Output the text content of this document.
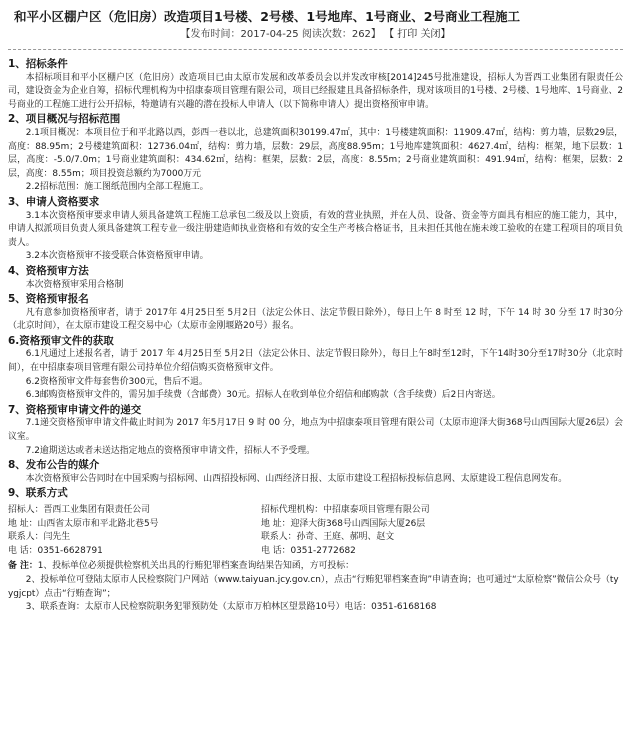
和平小区棚户区（危旧房）改造项目1号楼、2号楼、1号地库、1号商业、2号商业工程施工
【发布时间：2017-04-25 阅读次数：262】 【 打印 关闭】
1、招标条件

本招标项目和平小区棚户区（危旧房）改造项目已由太原市发展和改革委员会以并发改审核[2014]245号批准建设，招标人为晋西工业集团有限责任公司，建设资金为企业自筹，招标代理机构为中招康泰项目管理有限公司，项目已经报建且具备招标条件，现对该项目的1号楼、2号楼、1号地库、1号商业、2号商业的工程施工进行公开招标，特邀请有兴趣的潜在投标人申请人（以下简称申请人）提出资格预审申请。

2、项目概况与招标范围

2.1项目概况：本项目位于和平北路以西，彭西一巷以北，总建筑面积30199.47㎡，其中：1号楼建筑面积：11909.47㎡，结构：剪力墙，层数29层，高度：88.95m；2号楼建筑面积：12736.04㎡，结构：剪力墙，层数：29层，高度88.95m；1号地库建筑面积：4627.4㎡，结构：框架，地下层数：1层，高度：-5.0/7.0m；1号商业建筑面积：434.62㎡，结构：框架，层数：2层，高度：8.55m；2号商业建筑面积：491.94㎡，结构：框架，层数：2层，高度：8.55m；项目投资总额约为7000万元

2.2招标范围：施工图纸范围内全部工程施工。

3、申请人资格要求

3.1本次资格预审要求申请人须具备建筑工程施工总承包二级及以上资质，有效的营业执照，并在人员、设备、资金等方面具有相应的施工能力，其中，申请人拟派项目负责人须具备建筑工程专业一级注册建造师执业资格和有效的安全生产考核合格证书，且未担任其他在施未竣工验收的在建工程项目的项目负责人。

3.2本次资格预审不接受联合体资格预审申请。

4、资格预审方法

本次资格预审采用合格制

5、资格预审报名

凡有意参加资格预审者，请于 2017年 4月25日至 5月2日（法定公休日、法定节假日除外），每日上午 8 时至 12 时，下午 14 时 30 分至 17 时30分（北京时间），在太原市建设工程交易中心（太原市金刚堰路20号）报名。

6.资格预审文件的获取

6.1凡通过上述报名者，请于 2017 年 4月25日至 5月2日（法定公休日、法定节假日除外），每日上午8时至12时，下午14时30分至17时30分（北京时间），在中招康泰项目管理有限公司持单位介绍信购买资格预审文件。

6.2资格预审文件每套售价300元，售后不退。

6.3邮购资格预审文件的，需另加手续费（含邮费）30元。招标人在收到单位介绍信和邮购款（含手续费）后2日内寄送。

7、资格预审申请文件的递交

7.1递交资格预审申请文件截止时间为 2017 年5月17日 9 时 00 分，地点为中招康泰项目管理有限公司（太原市迎泽大街368号山西国际大厦26层）会议室。

7.2逾期送达或者未送达指定地点的资格预审申请文件，招标人不予受理。

8、发布公告的媒介

本次资格预审公告同时在中国采购与招标网、山西招投标网、山西经济日报、太原市建设工程招标投标信息网、太原建设工程信息网发布。

9、联系方式
招标人：晋西工业集团有限责任公司	招标代理机构：中招康泰项目管理有限公司
地 址：山西省太原市和平北路北巷5号	地 址：迎泽大街368号山西国际大厦26层
联系人：闫先生	联系人：孙奇、王庭、郝明、赵文
电 话：0351-6628791	电 话：0351-2772682

备 注：1、投标单位必须提供检察机关出具的行贿犯罪档案查询结果告知函，方可投标：

2、投标单位可登陆太原市人民检察院门户网站（www.taiyuan.jcy.gov.cn），点击“行贿犯罪档案查询”申请查询；也可通过“太原检察”微信公众号（tyygjcpt）点击“行贿查询”；

3、联系查询：太原市人民检察院职务犯罪预防处（太原市万柏林区望景路10号）电话：0351-6168168
